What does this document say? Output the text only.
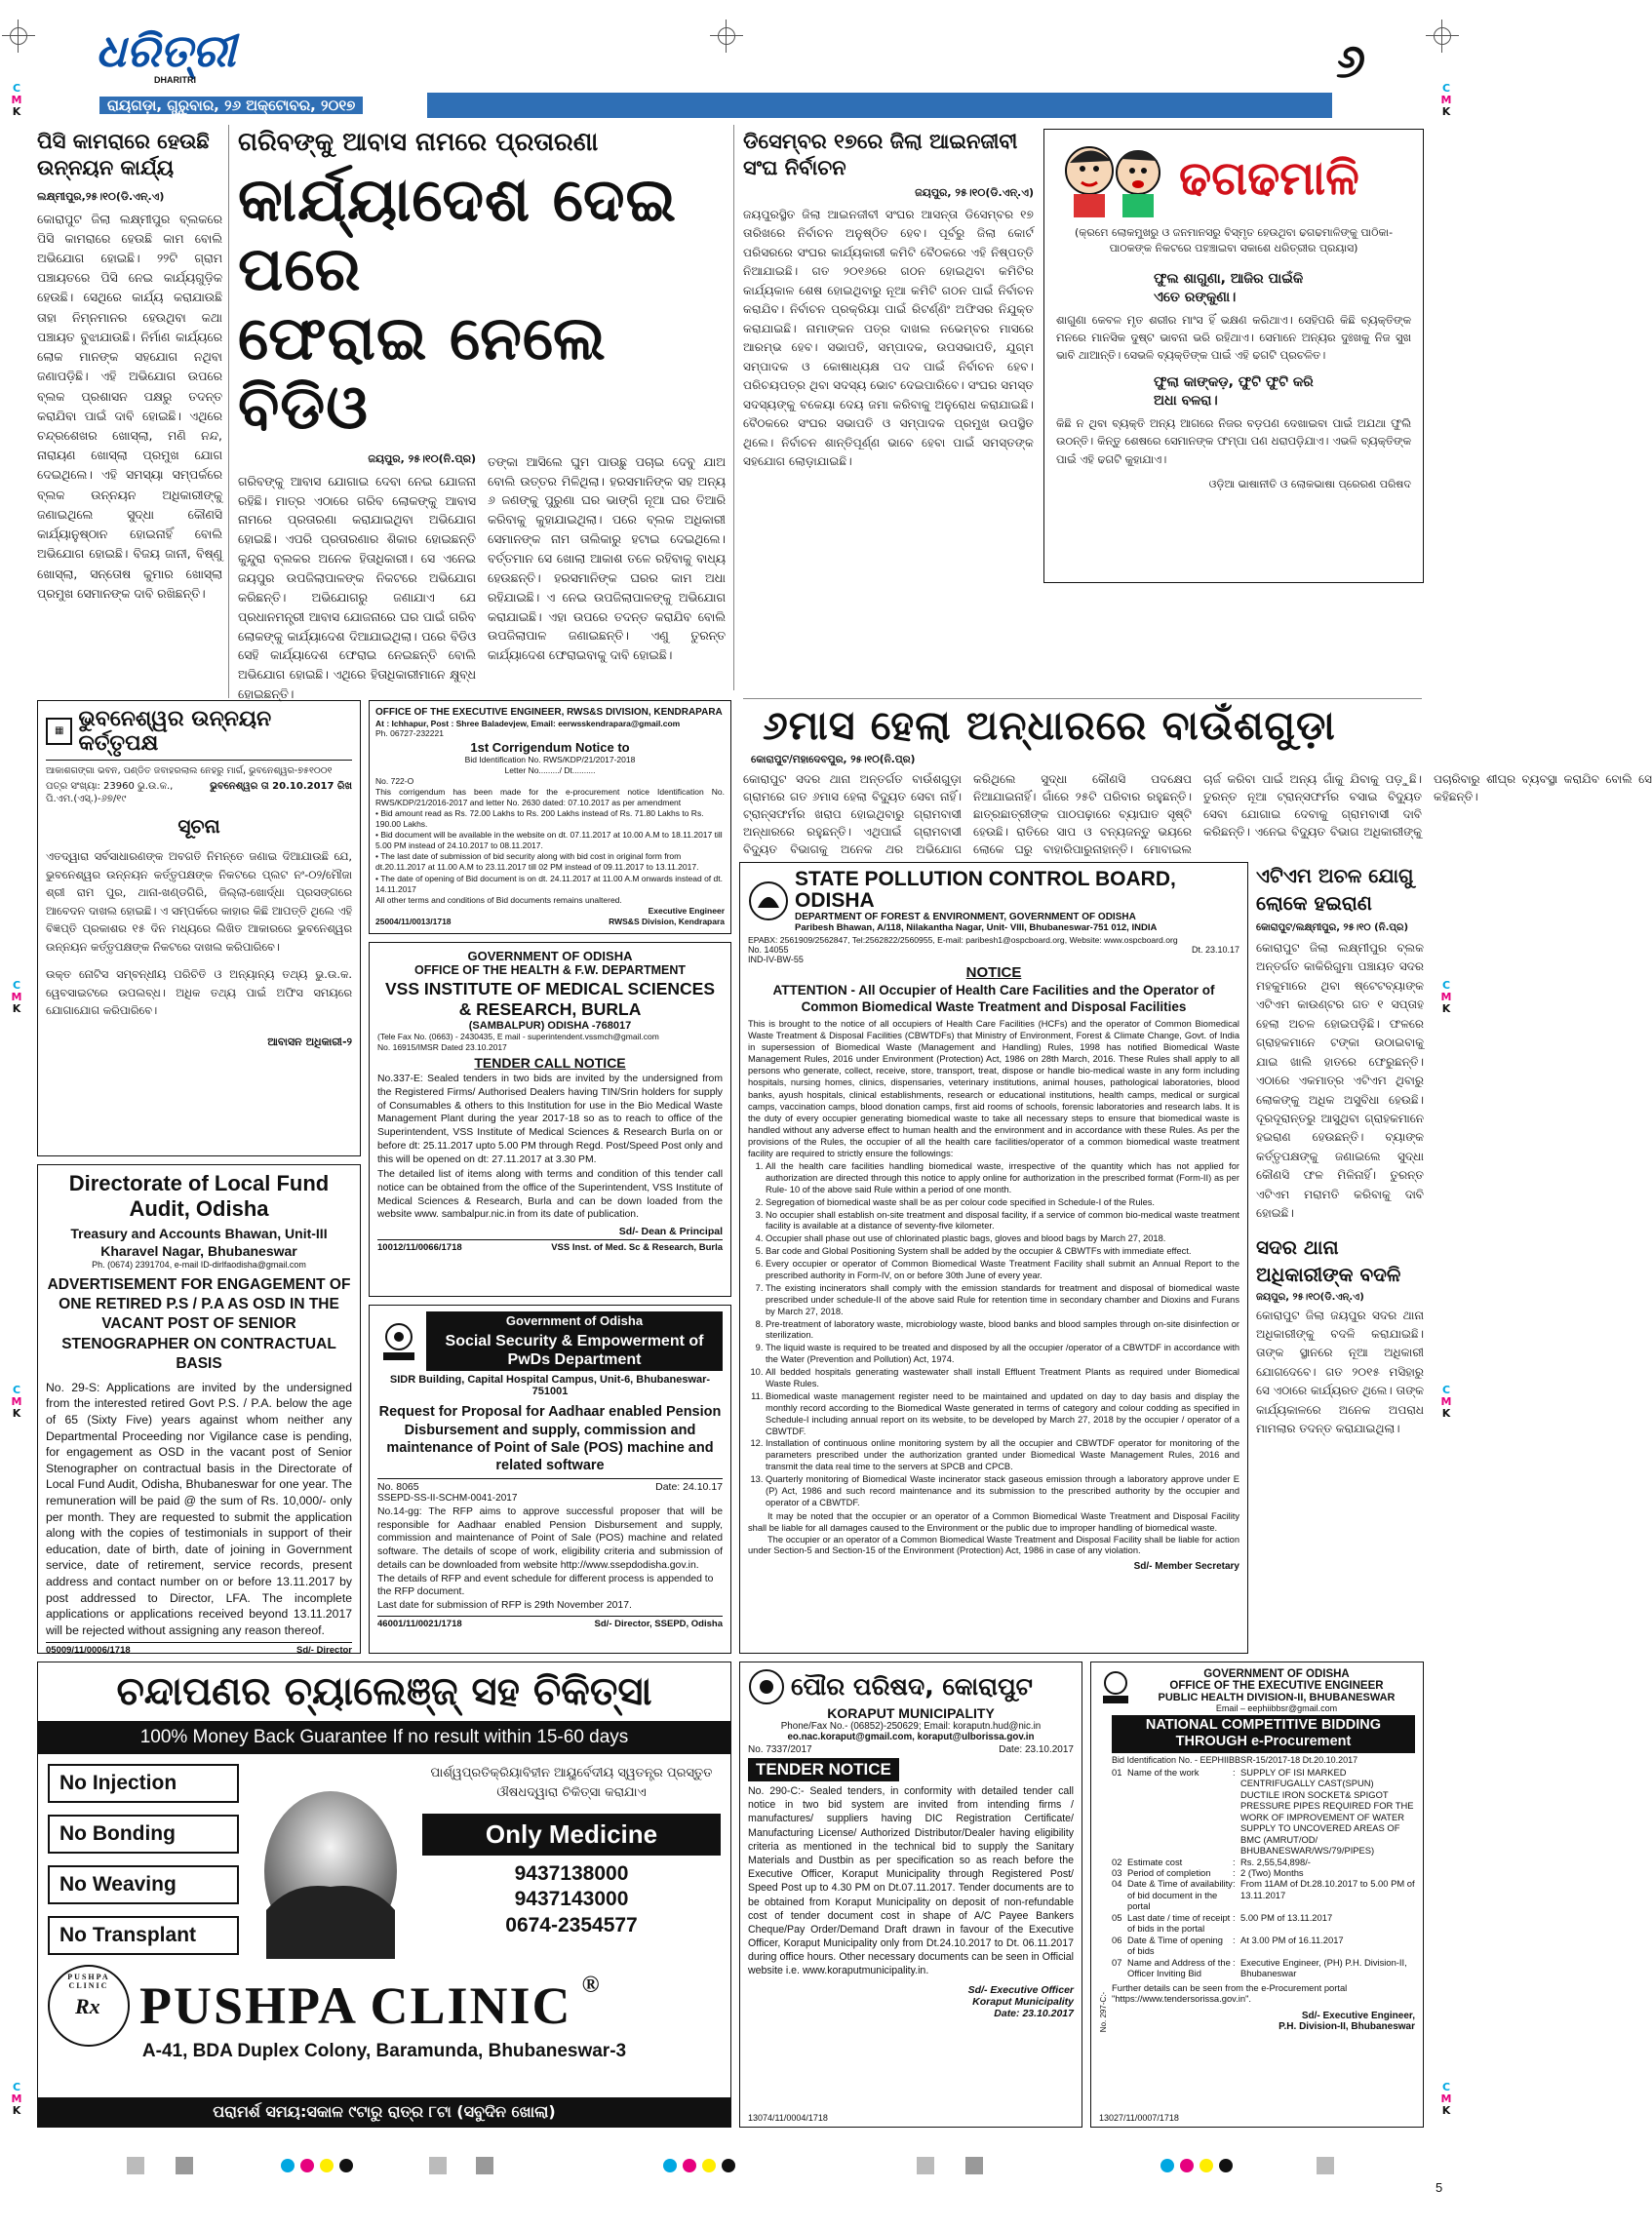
C
M
K
C
M
K
C
M
K
C
M
K
C
M
K
C
M
K
C
M
K
C
M
K
ଧରିତ୍ରୀ
DHARITRI
ରାୟଗଡ଼ା, ଗୁରୁବାର, ୨୬ ଅକ୍ଟୋବର, ୨୦୧୭
୬
ପିସି କାମରାରେ ହେଉଛି ଉନ୍ନୟନ କାର୍ଯ୍ୟ
ଲକ୍ଷ୍ମୀପୁର,୨୫।୧୦(ଡି.ଏନ୍‌.ଏ)
କୋରାପୁଟ ଜିଲା ଲକ୍ଷ୍ମୀପୁର ବ୍ଲକରେ ପିସି କାମରାରେ ହେଉଛି କାମ ବୋଲି ଅଭିଯୋଗ ହୋଇଛି। ୨୨ଟି ଗ୍ରାମ ପଞ୍ଚାୟତରେ ପିସି ନେଇ କାର୍ଯ୍ୟଗୁଡ଼ିକ ହେଉଛି। ସେଥିରେ କାର୍ଯ୍ୟ କରାଯାଉଛି ତାହା ନିମ୍ନମାନର ହେଉଥିବା କଥା ପଞ୍ଚାୟତ ବୁଝାଯାଉଛି। ନିର୍ମାଣ କାର୍ଯ୍ୟରେ ଲୋକ ମାନଙ୍କ ସହଯୋଗ ନଥିବା ଜଣାପଡ଼ିଛି। ଏହି ଅଭିଯୋଗ ଉପରେ ବ୍ଲକ ପ୍ରଶାସନ ପକ୍ଷରୁ ତଦନ୍ତ କରାଯିବା ପାଇଁ ଦାବି ହୋଇଛି। ଏଥିରେ ଚନ୍ଦ୍ରଶେଖର ଖୋସ୍ଲା, ମଣି ନନ୍ଦ, ନାରାୟଣ ଖୋସ୍ଲା ପ୍ରମୁଖ ଯୋଗ ଦେଇଥିଲେ। ଏହି ସମସ୍ୟା ସମ୍ପର୍କରେ ବ୍ଲକ ଉନ୍ନୟନ ଅଧିକାରୀଙ୍କୁ ଜଣାଇଥିଲେ ସୁଦ୍ଧା କୌଣସି କାର୍ଯ୍ୟାନୁଷ୍ଠାନ ହୋଇନାହିଁ ବୋଲି ଅଭିଯୋଗ ହୋଇଛି। ବିଜୟ ଜାନୀ, ବିଷ୍ଣୁ ଖୋସ୍ଲା, ସନ୍ତୋଷ କୁମାର ଖୋସ୍ଲା ପ୍ରମୁଖ ସେମାନଙ୍କ ଦାବି ରଖିଛନ୍ତି।
ଗରିବଙ୍କୁ ଆବାସ ନାମରେ ପ୍ରତାରଣା
କାର୍ଯ୍ୟାଦେଶ ଦେଇ ପରେ
ଫେରାଇ ନେଲେ ବିଡିଓ
ଜୟପୁର, ୨୫।୧୦(ନି.ପ୍ର)
ଗରିବଙ୍କୁ ଆବାସ ଯୋଗାଇ ଦେବା ନେଇ ଯୋଜନା ରହିଛି। ମାତ୍ର ଏଠାରେ ଗରିବ ଲୋକଙ୍କୁ ଆବାସ ନାମରେ ପ୍ରତାରଣା କରାଯାଇଥିବା ଅଭିଯୋଗ ହୋଇଛି। ଏପରି ପ୍ରତାରଣାର ଶିକାର ହୋଇଛନ୍ତି କୁନ୍ଦୁରା ବ୍ଲକର ଅନେକ ହିତାଧିକାରୀ। ସେ ଏନେଇ ଜୟପୁର ଉପଜିଲାପାଳଙ୍କ ନିକଟରେ ଅଭିଯୋଗ କରିଛନ୍ତି। ଅଭିଯୋଗରୁ ଜଣାଯାଏ ଯେ ପ୍ରଧାନମନ୍ତ୍ରୀ ଆବାସ ଯୋଜନାରେ ଘର ପାଇଁ ଗରିବ ଲୋକଙ୍କୁ କାର୍ଯ୍ୟାଦେଶ ଦିଆଯାଇଥିଲା। ପରେ ବିଡିଓ ସେହି କାର୍ଯ୍ୟାଦେଶ ଫେରାଇ ନେଇଛନ୍ତି ବୋଲି ଅଭିଯୋଗ ହୋଇଛି। ଏଥିରେ ହିତାଧିକାରୀମାନେ କ୍ଷୁବ୍ଧ ହୋଇଛନ୍ତି।
ତଙ୍କା ଆସିଲେ ଘୁମ ପାଉଛୁ ପଚାଇ ଦେବୁ ଯାଅ ବୋଲି ଉତ୍ତର ମିଳିଥିଲା। ହରସମାନିଙ୍କ ସହ ଅନ୍ୟ ୬ ଜଣଙ୍କୁ ପୁରୁଣା ଘର ଭାଙ୍ଗି ନୂଆ ଘର ତିଆରି କରିବାକୁ କୁହାଯାଇଥିଲା। ପରେ ବ୍ଲକ ଅଧିକାରୀ ସେମାନଙ୍କ ନାମ ତାଲିକାରୁ ହଟାଇ ଦେଇଥିଲେ। ବର୍ତ୍ତମାନ ସେ ଖୋଲା ଆକାଶ ତଳେ ରହିବାକୁ ବାଧ୍ୟ ହେଉଛନ୍ତି। ହରସମାନିଙ୍କ ଘରର କାମ ଅଧା ରହିଯାଇଛି। ଏ ନେଇ ଉପଜିଲାପାଳଙ୍କୁ ଅଭିଯୋଗ କରାଯାଇଛି। ଏହା ଉପରେ ତଦନ୍ତ କରାଯିବ ବୋଲି ଉପଜିଲାପାଳ ଜଣାଇଛନ୍ତି। ଏଣୁ ତୁରନ୍ତ କାର୍ଯ୍ୟାଦେଶ ଫେରାଇବାକୁ ଦାବି ହୋଇଛି।
ଡିସେମ୍ବର ୧୭ରେ ଜିଲା ଆଇନଜୀବୀ ସଂଘ ନିର୍ବାଚନ
ଜୟପୁର, ୨୫।୧୦(ଡି.ଏନ୍‌.ଏ)
ଜୟପୁରସ୍ଥିତ ଜିଲା ଆଇନଜୀବୀ ସଂଘର ଆସନ୍ତା ଡିସେମ୍ବର ୧୭ ତାରିଖରେ ନିର୍ବାଚନ ଅନୁଷ୍ଠିତ ହେବ। ପୂର୍ବରୁ ଜିଲା କୋର୍ଟ ପରିସରରେ ସଂଘର କାର୍ଯ୍ୟକାରୀ କମିଟି ବୈଠକରେ ଏହି ନିଷ୍ପତ୍ତି ନିଆଯାଇଛି। ଗତ ୨୦୧୬ରେ ଗଠନ ହୋଇଥିବା କମିଟିର କାର୍ଯ୍ୟକାଳ ଶେଷ ହୋଇଥିବାରୁ ନୂଆ କମିଟି ଗଠନ ପାଇଁ ନିର୍ବାଚନ କରାଯିବ। ନିର୍ବାଚନ ପ୍ରକ୍ରିୟା ପାଇଁ ରିଟର୍ଣ୍ଣିଂ ଅଫିସର ନିଯୁକ୍ତ କରାଯାଇଛି। ନାମାଙ୍କନ ପତ୍ର ଦାଖଲ ନଭେମ୍ବର ମାସରେ ଆରମ୍ଭ ହେବ। ସଭାପତି, ସମ୍ପାଦକ, ଉପସଭାପତି, ଯୁଗ୍ମ ସମ୍ପାଦକ ଓ କୋଷାଧ୍ୟକ୍ଷ ପଦ ପାଇଁ ନିର୍ବାଚନ ହେବ। ପରିଚୟପତ୍ର ଥିବା ସଦସ୍ୟ ଭୋଟ ଦେଇପାରିବେ। ସଂଘର ସମସ୍ତ ସଦସ୍ୟଙ୍କୁ ବକେୟା ଦେୟ ଜମା କରିବାକୁ ଅନୁରୋଧ କରାଯାଇଛି। ବୈଠକରେ ସଂଘର ସଭାପତି ଓ ସମ୍ପାଦକ ପ୍ରମୁଖ ଉପସ୍ଥିତ ଥିଲେ। ନିର୍ବାଚନ ଶାନ୍ତିପୂର୍ଣ୍ଣ ଭାବେ ହେବା ପାଇଁ ସମସ୍ତଙ୍କ ସହଯୋଗ ଲୋଡ଼ାଯାଇଛି।
ଢଗଢମାଳି
(କ୍ରମେ ଲୋକମୁଖରୁ ଓ ଜନମାନସରୁ ବିସ୍ମୃତ ହେଉଥିବା ଢଗଢମାଳିଙ୍କୁ ପାଠିକା-ପାଠକଙ୍କ ନିକଟରେ ପହଞ୍ଚାଇବା ସକାଶେ ଧରିତ୍ରୀର ପ୍ରୟାସ)
ଫୁଲ ଶାଗୁଣା, ଆଜିର ପାଇଁକି ଏତେ ରଙ୍କୁଣା।
ଶାଗୁଣା କେବଳ ମୃତ ଶରୀର ମାଂସ ହିଁ ଭକ୍ଷଣ କରିଥାଏ। ସେହିପରି କିଛି ବ୍ୟକ୍ତିଙ୍କ ମନରେ ମାନସିକ ଦୁଷ୍ଟ ଭାବନା ଭରି ରହିଥାଏ। ସେମାନେ ଅନ୍ୟର ଦୁଃଖକୁ ନିଜ ସୁଖ ଭାବି ଥାଆନ୍ତି। ସେଭଳି ବ୍ୟକ୍ତିଙ୍କ ପାଇଁ ଏହି ଢଗଟି ପ୍ରଚଳିତ।
ଫୁଲା କାଙ୍କଡ଼, ଫୁଟି ଫୁଟି କରି ଅଧା ବଳରା।
କିଛି ନ ଥିବା ବ୍ୟକ୍ତି ଅନ୍ୟ ଆଗରେ ନିଜର ବଡ଼ପଣ ଦେଖାଇବା ପାଇଁ ଅଯଥା ଫୁଲି ଉଠନ୍ତି। କିନ୍ତୁ ଶେଷରେ ସେମାନଙ୍କ ଫମ୍ପା ପଣ ଧରାପଡ଼ିଯାଏ। ଏଭଳି ବ୍ୟକ୍ତିଙ୍କ ପାଇଁ ଏହି ଢଗଟି କୁହାଯାଏ।
ଓଡ଼ିଆ ଭାଷାନୀତି ଓ ଲୋକଭାଷା ପ୍ରେରଣ ପରିଷଦ
୬ମାସ ହେଲା ଅନ୍ଧାରରେ ବାଉଁଶଗୁଡ଼ା
କୋରାପୁଟ/ମହାଦେବପୁର, ୨୫।୧୦(ନି.ପ୍ର)
କୋରାପୁଟ ସଦର ଥାନା ଅନ୍ତର୍ଗତ ବାଉଁଶଗୁଡ଼ା ଗ୍ରାମରେ ଗତ ୬ମାସ ହେଲା ବିଦ୍ୟୁତ ସେବା ନାହିଁ। ଟ୍ରାନ୍ସଫର୍ମର ଖରାପ ହୋଇଥିବାରୁ ଗ୍ରାମବାସୀ ଅନ୍ଧାରରେ ରହୁଛନ୍ତି। ଏଥିପାଇଁ ଗ୍ରାମବାସୀ ବିଦ୍ୟୁତ ବିଭାଗକୁ ଅନେକ ଥର ଅଭିଯୋଗ କରିଥିଲେ ସୁଦ୍ଧା କୌଣସି ପଦକ୍ଷେପ ନିଆଯାଇନାହିଁ। ଗାଁରେ ୨୫ଟି ପରିବାର ରହୁଛନ୍ତି। ଛାତ୍ରଛାତ୍ରୀଙ୍କ ପାଠପଢ଼ାରେ ବ୍ୟାଘାତ ସୃଷ୍ଟି ହେଉଛି। ରାତିରେ ସାପ ଓ ବନ୍ୟଜନ୍ତୁ ଭୟରେ ଲୋକେ ଘରୁ ବାହାରିପାରୁନାହାନ୍ତି। ମୋବାଇଲ ଚାର୍ଜ କରିବା ପାଇଁ ଅନ୍ୟ ଗାଁକୁ ଯିବାକୁ ପଡ଼ୁଛି। ତୁରନ୍ତ ନୂଆ ଟ୍ରାନ୍ସଫର୍ମର ବସାଇ ବିଦ୍ୟୁତ ସେବା ଯୋଗାଇ ଦେବାକୁ ଗ୍ରାମବାସୀ ଦାବି କରିଛନ୍ତି। ଏନେଇ ବିଦ୍ୟୁତ ବିଭାଗ ଅଧିକାରୀଙ୍କୁ ପଚାରିବାରୁ ଶୀଘ୍ର ବ୍ୟବସ୍ଥା କରାଯିବ ବୋଲି ସେ କହିଛନ୍ତି।
▦ ଭୁବନେଶ୍ୱର ଉନ୍ନୟନ କର୍ତ୍ତୃପକ୍ଷ
ଆକାଶଗଙ୍ଗା ଭବନ, ପଣ୍ଡିତ ଜବାହରଲାଲ ନେହରୁ ମାର୍ଗ, ଭୁବନେଶ୍ୱର-୭୫୧୦୦୧
ପତ୍ର ସଂଖ୍ୟା: 23960 ଭୁ.ଉ.କ.,	ଭୁବନେଶ୍ୱର ତା 20.10.2017 ରିଖ
ପି.ଏମ.(ଏସ୍‌.)-୬୭/୧୯
ସୂଚନା
ଏତଦ୍ୱାରା ସର୍ବସାଧାରଣଙ୍କ ଅବଗତି ନିମନ୍ତେ ଜଣାଇ ଦିଆଯାଉଛି ଯେ, ଭୁବନେଶ୍ୱର ଉନ୍ନୟନ କର୍ତ୍ତୃପକ୍ଷଙ୍କ ନିକଟରେ ପ୍ଲଟ ନଂ-୦୨/ମୌଜା ଶ୍ରୀ ରାମ ପୁର, ଥାନା-ଖଣ୍ଡଗିରି, ଜିଲ୍ଲା-ଖୋର୍ଦ୍ଧା ପ୍ରସଙ୍ଗରେ ଆବେଦନ ଦାଖଲ ହୋଇଛି। ଏ ସମ୍ପର୍କରେ କାହାର କିଛି ଆପତ୍ତି ଥିଲେ ଏହି ବିଜ୍ଞପ୍ତି ପ୍ରକାଶର ୧୫ ଦିନ ମଧ୍ୟରେ ଲିଖିତ ଆକାରରେ ଭୁବନେଶ୍ୱର ଉନ୍ନୟନ କର୍ତ୍ତୃପକ୍ଷଙ୍କ ନିକଟରେ ଦାଖଲ କରିପାରିବେ।
ଉକ୍ତ ନୋଟିସ ସମ୍ବନ୍ଧୀୟ ପରିଚିତି ଓ ଅନ୍ୟାନ୍ୟ ତଥ୍ୟ ଭୁ.ଉ.କ. ୱେବସାଇଟରେ ଉପଲବ୍ଧ। ଅଧିକ ତଥ୍ୟ ପାଇଁ ଅଫିସ ସମୟରେ ଯୋଗାଯୋଗ କରିପାରିବେ।
ଆବାସନ ଅଧିକାରୀ-୨
OFFICE OF THE EXECUTIVE ENGINEER, RWS&S DIVISION, KENDRAPARA
At : Ichhapur, Post : Shree Baladevjew, Email: eerwsskendrapara@gmail.com
Ph. 06727-232221
1st Corrigendum Notice to
Bid Identification No. RWS/KDP/21/2017-2018
Letter No........./ Dt..........
No. 722-O
This corrigendum has been made for the e-procurement notice Identification No. RWS/KDP/21/2016-2017 and letter No. 2630 dated: 07.10.2017 as per amendment
• Bid amount read as Rs. 72.00 Lakhs to Rs. 200 Lakhs instead of Rs. 71.80 Lakhs to Rs. 190.00 Lakhs.
• Bid document will be available in the website on dt. 07.11.2017 at 10.00 A.M to 18.11.2017 till 5.00 PM instead of 24.10.2017 to 08.11.2017.
• The last date of submission of bid security along with bid cost in original form from dt.20.11.2017 at 11.00 A.M to 23.11.2017 till 02 PM instead of 09.11.2017 to 13.11.2017.
• The date of opening of Bid document is on dt. 24.11.2017 at 11.00 A.M onwards instead of dt. 14.11.2017
All other terms and conditions of Bid documents remains unaltered.
Executive Engineer
25004/11/0013/1718	RWS&S Division, Kendrapara
GOVERNMENT OF ODISHA
OFFICE OF THE HEALTH & F.W. DEPARTMENT
VSS INSTITUTE OF MEDICAL SCIENCES & RESEARCH, BURLA
(SAMBALPUR) ODISHA -768017
(Tele Fax No. (0663) - 2430435, E mail - superintendent.vssmch@gmail.com
No. 16915/IMSR Dated 23.10.2017
TENDER CALL NOTICE
No.337-E: Sealed tenders in two bids are invited by the undersigned from the Registered Firms/ Authorised Dealers having TIN/Srin holders for supply of Consumables & others to this Institution for use in the Bio Medical Waste Management Plant during the year 2017-18 so as to reach to office of the Superintendent, VSS Institute of Medical Sciences & Research Burla on or before dt: 25.11.2017 upto 5.00 PM through Regd. Post/Speed Post only and this will be opened on dt: 27.11.2017 at 3.30 PM.
The detailed list of items along with terms and condition of this tender call notice can be obtained from the office of the Superintendent, VSS Institute of Medical Sciences & Research, Burla and can be down loaded from the website www. sambalpur.nic.in from its date of publication.
Sd/- Dean & Principal
10012/11/0066/1718	VSS Inst. of Med. Sc & Research, Burla
Government of Odisha
Social Security & Empowerment of PwDs Department
SIDR Building, Capital Hospital Campus, Unit-6, Bhubaneswar-751001
Request for Proposal for Aadhaar enabled Pension Disbursement and supply, commission and maintenance of Point of Sale (POS) machine and related software
No. 8065	Date: 24.10.17
SSEPD-SS-II-SCHM-0041-2017
No.14-gg: The RFP aims to approve successful proposer that will be responsible for Aadhaar enabled Pension Disbursement and supply, commission and maintenance of Point of Sale (POS) machine and related software. The details of scope of work, eligibility criteria and submission of details can be downloaded from website http://www.ssepdodisha.gov.in.
The details of RFP and event schedule for different process is appended to the RFP document.
Last date for submission of RFP is 29th November 2017.
46001/11/0021/1718	Sd/- Director, SSEPD, Odisha
Directorate of Local Fund Audit, Odisha
Treasury and Accounts Bhawan, Unit-III Kharavel Nagar, Bhubaneswar
Ph. (0674) 2391704, e-mail ID-dirlfaodisha@gmail.com
ADVERTISEMENT FOR ENGAGEMENT OF ONE RETIRED P.S / P.A AS OSD IN THE VACANT POST OF SENIOR STENOGRAPHER ON CONTRACTUAL BASIS
No. 29-S: Applications are invited by the undersigned from the interested retired Govt P.S. / P.A. below the age of 65 (Sixty Five) years against whom neither any Departmental Proceeding nor Vigilance case is pending, for engagement as OSD in the vacant post of Senior Stenographer on contractual basis in the Directorate of Local Fund Audit, Odisha, Bhubaneswar for one year. The remuneration will be paid @ the sum of Rs. 10,000/- only per month. They are requested to submit the application along with the copies of testimonials in support of their education, date of birth, date of joining in Government service, date of retirement, service records, present address and contact number on or before 13.11.2017 by post addressed to Director, LFA. The incomplete applications or applications received beyond 13.11.2017 will be rejected without assigning any reason thereof.
05009/11/0006/1718	Sd/- Director
STATE POLLUTION CONTROL BOARD, ODISHA
DEPARTMENT OF FOREST & ENVIRONMENT, GOVERNMENT OF ODISHA
Paribesh Bhawan, A/118, Nilakantha Nagar, Unit- VIII, Bhubaneswar-751 012, INDIA
EPABX: 2561909/2562847, Tel:2562822/2560955, E-mail: paribesh1@ospcboard.org, Website: www.ospcboard.org
No. 14055
IND-IV-BW-55
Dt. 23.10.17
NOTICE
ATTENTION - All Occupier of Health Care Facilities and the Operator of Common Biomedical Waste Treatment and Disposal Facilities
This is brought to the notice of all occupiers of Health Care Facilities (HCFs) and the operator of Common Biomedical Waste Treatment & Disposal Facilities (CBWTDFs) that Ministry of Environment, Forest & Climate Change, Govt. of India in supersession of Biomedical Waste (Management and Handling) Rules, 1998 has notified Biomedical Waste Management Rules, 2016 under Environment (Protection) Act, 1986 on 28th March, 2016. These Rules shall apply to all persons who generate, collect, receive, store, transport, treat, dispose or handle bio-medical waste in any form including hospitals, nursing homes, clinics, dispensaries, veterinary institutions, animal houses, pathological laboratories, blood banks, ayush hospitals, clinical establishments, research or educational institutions, health camps, medical or surgical camps, vaccination camps, blood donation camps, first aid rooms of schools, forensic laboratories and research labs. It is the duty of every occupier generating biomedical waste to take all necessary steps to ensure that biomedical waste is handled without any adverse effect to human health and the environment and in accordance with these Rules. As per the provisions of the Rules, the occupier of all the health care facilities/operator of a common biomedical waste treatment facility are required to strictly ensure the followings:
1. All the health care facilities handling biomedical waste, irrespective of the quantity which has not applied for authorization are directed through this notice to apply online for authorization in the prescribed format (Form-II) as per Rule- 10 of the above said Rule within a period of one month.
2. Segregation of biomedical waste shall be as per colour code specified in Schedule-I of the Rules.
3. No occupier shall establish on-site treatment and disposal facility, if a service of common bio-medical waste treatment facility is available at a distance of seventy-five kilometer.
4. Occupier shall phase out use of chlorinated plastic bags, gloves and blood bags by March 27, 2018.
5. Bar code and Global Positioning System shall be added by the occupier & CBWTFs with immediate effect.
6. Every occupier or operator of Common Biomedical Waste Treatment Facility shall submit an Annual Report to the prescribed authority in Form-IV, on or before 30th June of every year.
7. The existing incinerators shall comply with the emission standards for treatment and disposal of biomedical waste prescribed under schedule-II of the above said Rule for retention time in secondary chamber and Dioxins and Furans by March 27, 2018.
8. Pre-treatment of laboratory waste, microbiology waste, blood banks and blood samples through on-site disinfection or sterilization.
9. The liquid waste is required to be treated and disposed by all the occupier /operator of a CBWTDF in accordance with the Water (Prevention and Pollution) Act, 1974.
10. All bedded hospitals generating wastewater shall install Effluent Treatment Plants as required under Biomedical Waste Rules.
11. Biomedical waste management register need to be maintained and updated on day to day basis and display the monthly record according to the Biomedical Waste generated in terms of category and colour codding as specified in Schedule-I including annual report on its website, to be developed by March 27, 2018 by the occupier / operator of a CBWTDF.
12. Installation of continuous online monitoring system by all the occupier and CBWTDF operator for monitoring of the parameters prescribed under the authorization granted under Biomedical Waste Management Rules, 2016 and transmit the data real time to the servers at SPCB and CPCB.
13. Quarterly monitoring of Biomedical Waste incinerator stack gaseous emission through a laboratory approve under E (P) Act, 1986 and such record maintenance and its submission to the prescribed authority by the occupier and operator of a CBWTDF.
It may be noted that the occupier or an operator of a Common Biomedical Waste Treatment and Disposal Facility shall be liable for all damages caused to the Environment or the public due to improper handling of biomedical waste.
The occupier or an operator of a Common Biomedical Waste Treatment and Disposal Facility shall be liable for action under Section-5 and Section-15 of the Environment (Protection) Act, 1986 in case of any violation.
Sd/- Member Secretary
ଏଟିଏମ ଅଚଳ ଯୋଗୁ ଲୋକେ ହଇରାଣ
କୋରାପୁଟ/ଲକ୍ଷ୍ମୀପୁର, ୨୫।୧୦ (ନି.ପ୍ର)
କୋରାପୁଟ ଜିଲା ଲକ୍ଷ୍ମୀପୁର ବ୍ଲକ ଅନ୍ତର୍ଗତ କାକିରିଗୁମା ପଞ୍ଚାୟତ ସଦର ମହକୁମାରେ ଥିବା ଷ୍ଟେଟବ୍ୟାଙ୍କ ଏଟିଏମ କାଉଣ୍ଟର ଗତ ୧ ସପ୍ତାହ ହେଲା ଅଚଳ ହୋଇପଡ଼ିଛି। ଫଳରେ ଗ୍ରାହକମାନେ ଟଙ୍କା ଉଠାଇବାକୁ ଯାଇ ଖାଲି ହାତରେ ଫେରୁଛନ୍ତି। ଏଠାରେ ଏକମାତ୍ର ଏଟିଏମ ଥିବାରୁ ଲୋକଙ୍କୁ ଅଧିକ ଅସୁବିଧା ହେଉଛି। ଦୂରଦୂରାନ୍ତରୁ ଆସୁଥିବା ଗ୍ରାହକମାନେ ହଇରାଣ ହେଉଛନ୍ତି। ବ୍ୟାଙ୍କ କର୍ତ୍ତୃପକ୍ଷଙ୍କୁ ଜଣାଇଲେ ସୁଦ୍ଧା କୌଣସି ଫଳ ମିଳିନାହିଁ। ତୁରନ୍ତ ଏଟିଏମ ମରାମତି କରିବାକୁ ଦାବି ହୋଇଛି।
ସଦର ଥାନା ଅଧିକାରୀଙ୍କ ବଦଳି
ଜୟପୁର, ୨୫।୧୦(ଡି.ଏନ୍‌.ଏ)
କୋରାପୁଟ ଜିଲା ଜୟପୁର ସଦର ଥାନା ଅଧିକାରୀଙ୍କୁ ବଦଳି କରାଯାଇଛି। ତାଙ୍କ ସ୍ଥାନରେ ନୂଆ ଅଧିକାରୀ ଯୋଗଦେବେ। ଗତ ୨୦୧୫ ମସିହାରୁ ସେ ଏଠାରେ କାର୍ଯ୍ୟରତ ଥିଲେ। ତାଙ୍କ କାର୍ଯ୍ୟକାଳରେ ଅନେକ ଅପରାଧ ମାମଲାର ତଦନ୍ତ କରାଯାଇଥିଲା।
ଚନ୍ଦାପଣର ଚ୍ୟାଲେଞ୍ଜ୍ ସହ ଚିକିତ୍ସା
100% Money Back Guarantee If no result within 15-60 days
No Injection
No Bonding
No Weaving
No Transplant
ପାର୍ଶ୍ୱପ୍ରତିକ୍ରିୟାବିହୀନ ଆୟୁର୍ବେଦୀୟ ସ୍ୱତନ୍ତ୍ର ପ୍ରସ୍ତୁତ ଔଷଧଦ୍ୱାରା ଚିକିତ୍ସା କରାଯାଏ
Only Medicine
9437138000
9437143000
0674-2354577
PUSHPA CLINIC
Rx PUSHPA CLINIC ®
A-41, BDA Duplex Colony, Baramunda, Bhubaneswar-3
ପରାମର୍ଶ ସମୟ:ସକାଳ ୯ଟାରୁ ରାତ୍ର ୮ଟା (ସବୁଦିନ ଖୋଲା)
ପୌର ପରିଷଦ, କୋରାପୁଟ
KORAPUT MUNICIPALITY
Phone/Fax No.- (06852)-250629; Email: koraputn.hud@nic.in
eo.nac.koraput@gmail.com, koraput@ulborissa.gov.in
No. 7337/2017	Date: 23.10.2017
TENDER NOTICE
No. 290-C:- Sealed tenders, in conformity with detailed tender call notice in two bid system are invited from intending firms / manufactures/ suppliers having DIC Registration Certificate/ Manufacturing License/ Authorized Distributor/Dealer having eligibility criteria as mentioned in the technical bid to supply the Sanitary Materials and Dustbin as per specification so as reach before the Executive Officer, Koraput Municipality through Registered Post/ Speed Post up to 4.30 PM on Dt.07.11.2017. Tender documents are to be obtained from Koraput Municipality on deposit of non-refundable cost of tender document cost in shape of A/C Payee Bankers Cheque/Pay Order/Demand Draft drawn in favour of the Executive Officer, Koraput Municipality only from Dt.24.10.2017 to Dt. 06.11.2017 during office hours. Other necessary documents can be seen in Official website i.e. www.koraputmunicipality.in.
Sd/- Executive Officer
Koraput Municipality
Date: 23.10.2017
13074/11/0004/1718
GOVERNMENT OF ODISHA
OFFICE OF THE EXECUTIVE ENGINEER
PUBLIC HEALTH DIVISION-II, BHUBANESWAR
Email – eephiibbsr@gmail.com
No. 297-C:-
NATIONAL COMPETITIVE BIDDING THROUGH e-Procurement
Bid Identification No. - EEPHIIBBSR-15/2017-18 Dt.20.10.2017
01	Name of the work	:	SUPPLY OF ISI MARKED CENTRIFUGALLY CAST(SPUN) DUCTILE IRON SOCKET& SPIGOT PRESSURE PIPES REQUIRED FOR THE WORK OF IMPROVEMENT OF WATER SUPPLY TO UNCOVERED AREAS OF BMC (AMRUT/OD/ BHUBANESWAR/WS/79/PIPES)
02	Estimate cost	:	Rs. 2,55,54,898/-
03	Period of completion	:	2 (Two) Months
04	Date & Time of availability of bid document in the portal	:	From 11AM of Dt.28.10.2017 to 5.00 PM of 13.11.2017
05	Last date / time of receipt of bids in the portal	:	5.00 PM of 13.11.2017
06	Date & Time of opening of bids	:	At 3.00 PM of 16.11.2017
07	Name and Address of the Officer Inviting Bid	:	Executive Engineer, (PH) P.H. Division-II, Bhubaneswar
Further details can be seen from the e-Procurement portal "https://www.tendersorissa.gov.in".
Sd/- Executive Engineer,
P.H. Division-II, Bhubaneswar
13027/11/0007/1718
5
